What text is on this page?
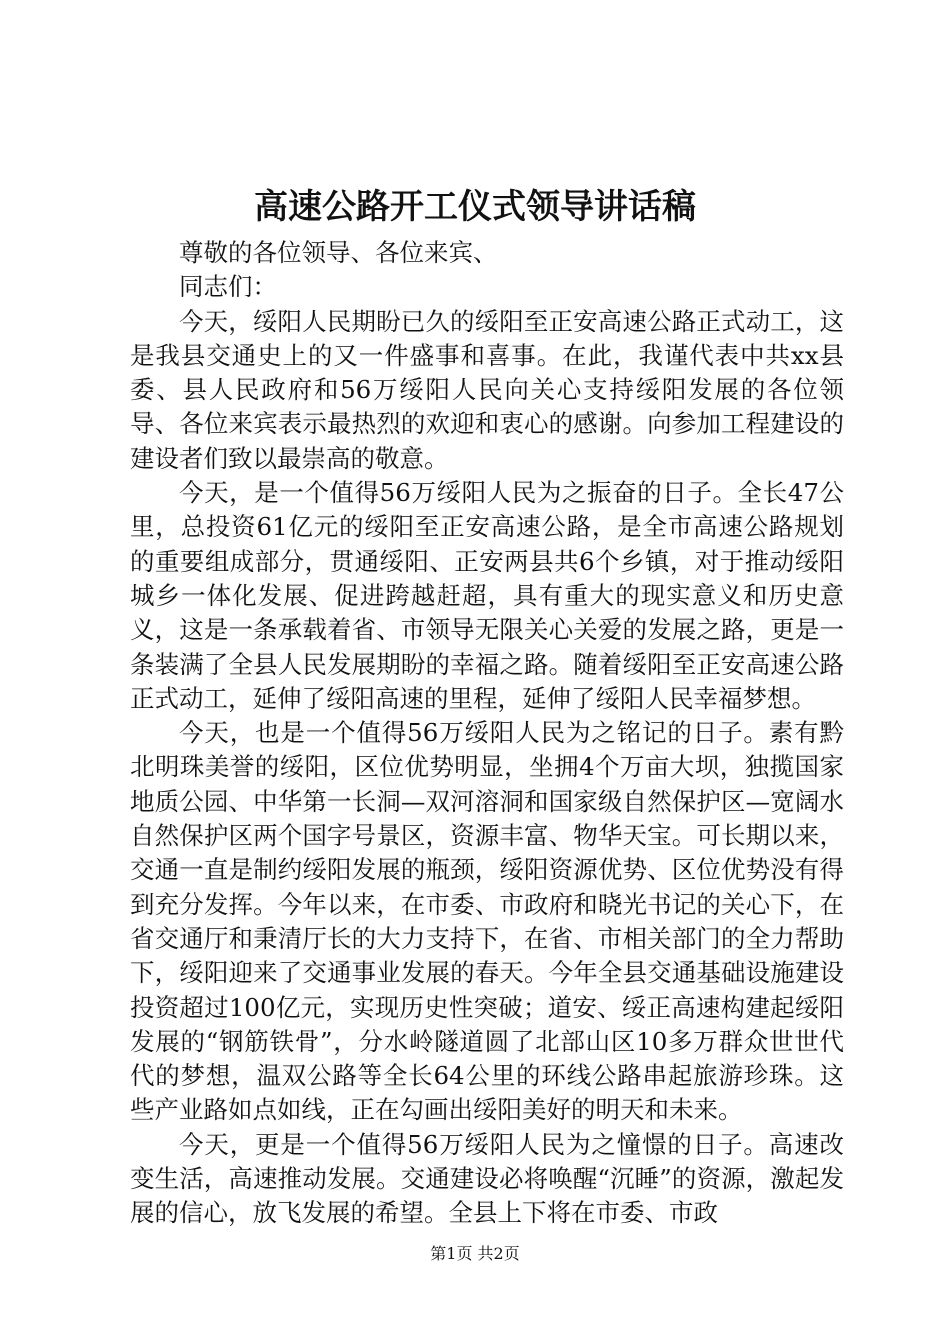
高速公路开工仪式领导讲话稿

尊敬的各位领导、各位来宾、

同志们：

今天，绥阳人民期盼已久的绥阳至正安高速公路正式动工，这是我县交通史上的又一件盛事和喜事。在此，我谨代表中共xx县委、县人民政府和56万绥阳人民向关心支持绥阳发展的各位领导、各位来宾表示最热烈的欢迎和衷心的感谢。向参加工程建设的建设者们致以最崇高的敬意。

今天，是一个值得56万绥阳人民为之振奋的日子。全长47公里，总投资61亿元的绥阳至正安高速公路，是全市高速公路规划的重要组成部分，贯通绥阳、正安两县共6个乡镇，对于推动绥阳城乡一体化发展、促进跨越赶超，具有重大的现实意义和历史意义，这是一条承载着省、市领导无限关心关爱的发展之路，更是一条装满了全县人民发展期盼的幸福之路。随着绥阳至正安高速公路正式动工，延伸了绥阳高速的里程，延伸了绥阳人民幸福梦想。

今天，也是一个值得56万绥阳人民为之铭记的日子。素有黔北明珠美誉的绥阳，区位优势明显，坐拥4个万亩大坝，独揽国家地质公园、中华第一长洞—双河溶洞和国家级自然保护区—宽阔水自然保护区两个国字号景区，资源丰富、物华天宝。可长期以来，交通一直是制约绥阳发展的瓶颈，绥阳资源优势、区位优势没有得到充分发挥。今年以来，在市委、市政府和晓光书记的关心下，在省交通厅和秉清厅长的大力支持下，在省、市相关部门的全力帮助下，绥阳迎来了交通事业发展的春天。今年全县交通基础设施建设投资超过100亿元，实现历史性突破；道安、绥正高速构建起绥阳发展的“钢筋铁骨”，分水岭隧道圆了北部山区10多万群众世世代代的梦想，温双公路等全长64公里的环线公路串起旅游珍珠。这些产业路如点如线，正在勾画出绥阳美好的明天和未来。

今天，更是一个值得56万绥阳人民为之憧憬的日子。高速改变生活，高速推动发展。交通建设必将唤醒“沉睡”的资源，激起发展的信心，放飞发展的希望。全县上下将在市委、市政

第1页 共2页
